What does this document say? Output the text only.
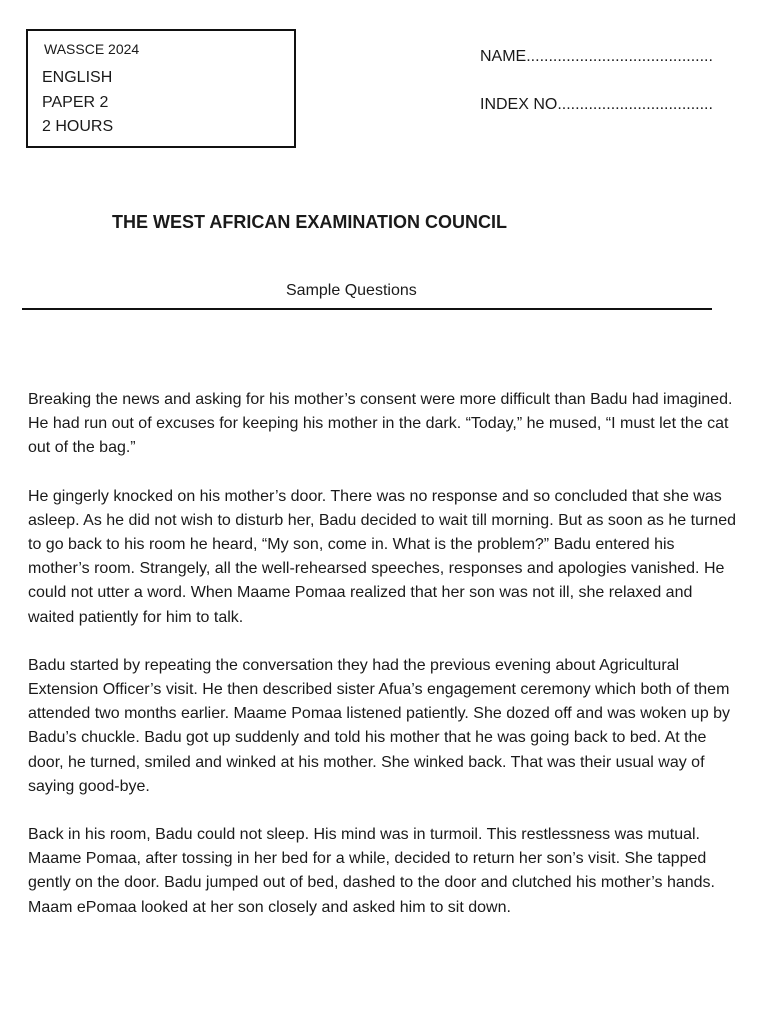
WASSCE 2024
ENGLISH
PAPER 2
2 HOURS
NAME..........................................
INDEX NO...................................
THE WEST AFRICAN EXAMINATION COUNCIL
Sample Questions

Breaking the news and asking for his mother’s consent were more difficult than Badu had imagined. He had run out of excuses for keeping his mother in the dark. “Today,” he mused, “I must let the cat out of the bag.”

He gingerly knocked on his mother’s door. There was no response and so concluded that she was asleep. As he did not wish to disturb her, Badu decided to wait till morning. But as soon as he turned to go back to his room he heard, “My son, come in. What is the problem?” Badu entered his mother’s room. Strangely, all the well-rehearsed speeches, responses and apologies vanished. He could not utter a word. When Maame Pomaa realized that her son was not ill, she relaxed and waited patiently for him to talk.

Badu started by repeating the conversation they had the previous evening about Agricultural Extension Officer’s visit. He then described sister Afua’s engagement ceremony which both of them attended two months earlier. Maame Pomaa listened patiently. She dozed off and was woken up by Badu’s chuckle. Badu got up suddenly and told his mother that he was going back to bed. At the door, he turned, smiled and winked at his mother. She winked back. That was their usual way of saying good-bye.

Back in his room, Badu could not sleep. His mind was in turmoil. This restlessness was mutual. Maame Pomaa, after tossing in her bed for a while, decided to return her son’s visit. She tapped gently on the door. Badu jumped out of bed, dashed to the door and clutched his mother’s hands. Maam ePomaa looked at her son closely and asked him to sit down.
